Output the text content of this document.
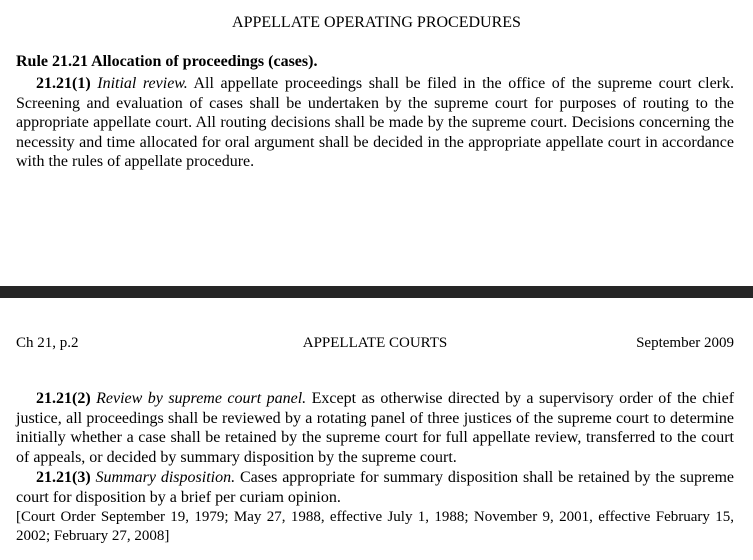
APPELLATE OPERATING PROCEDURES
Rule 21.21 Allocation of proceedings (cases).
21.21(1) Initial review. All appellate proceedings shall be filed in the office of the supreme court clerk. Screening and evaluation of cases shall be undertaken by the supreme court for purposes of routing to the appropriate appellate court. All routing decisions shall be made by the supreme court. Decisions concerning the necessity and time allocated for oral argument shall be decided in the appropriate appellate court in accordance with the rules of appellate procedure.
Ch 21, p.2	APPELLATE COURTS	September 2009
21.21(2) Review by supreme court panel. Except as otherwise directed by a supervisory order of the chief justice, all proceedings shall be reviewed by a rotating panel of three justices of the supreme court to determine initially whether a case shall be retained by the supreme court for full appellate review, transferred to the court of appeals, or decided by summary disposition by the supreme court.
21.21(3) Summary disposition. Cases appropriate for summary disposition shall be retained by the supreme court for disposition by a brief per curiam opinion.
[Court Order September 19, 1979; May 27, 1988, effective July 1, 1988; November 9, 2001, effective February 15, 2002; February 27, 2008]
